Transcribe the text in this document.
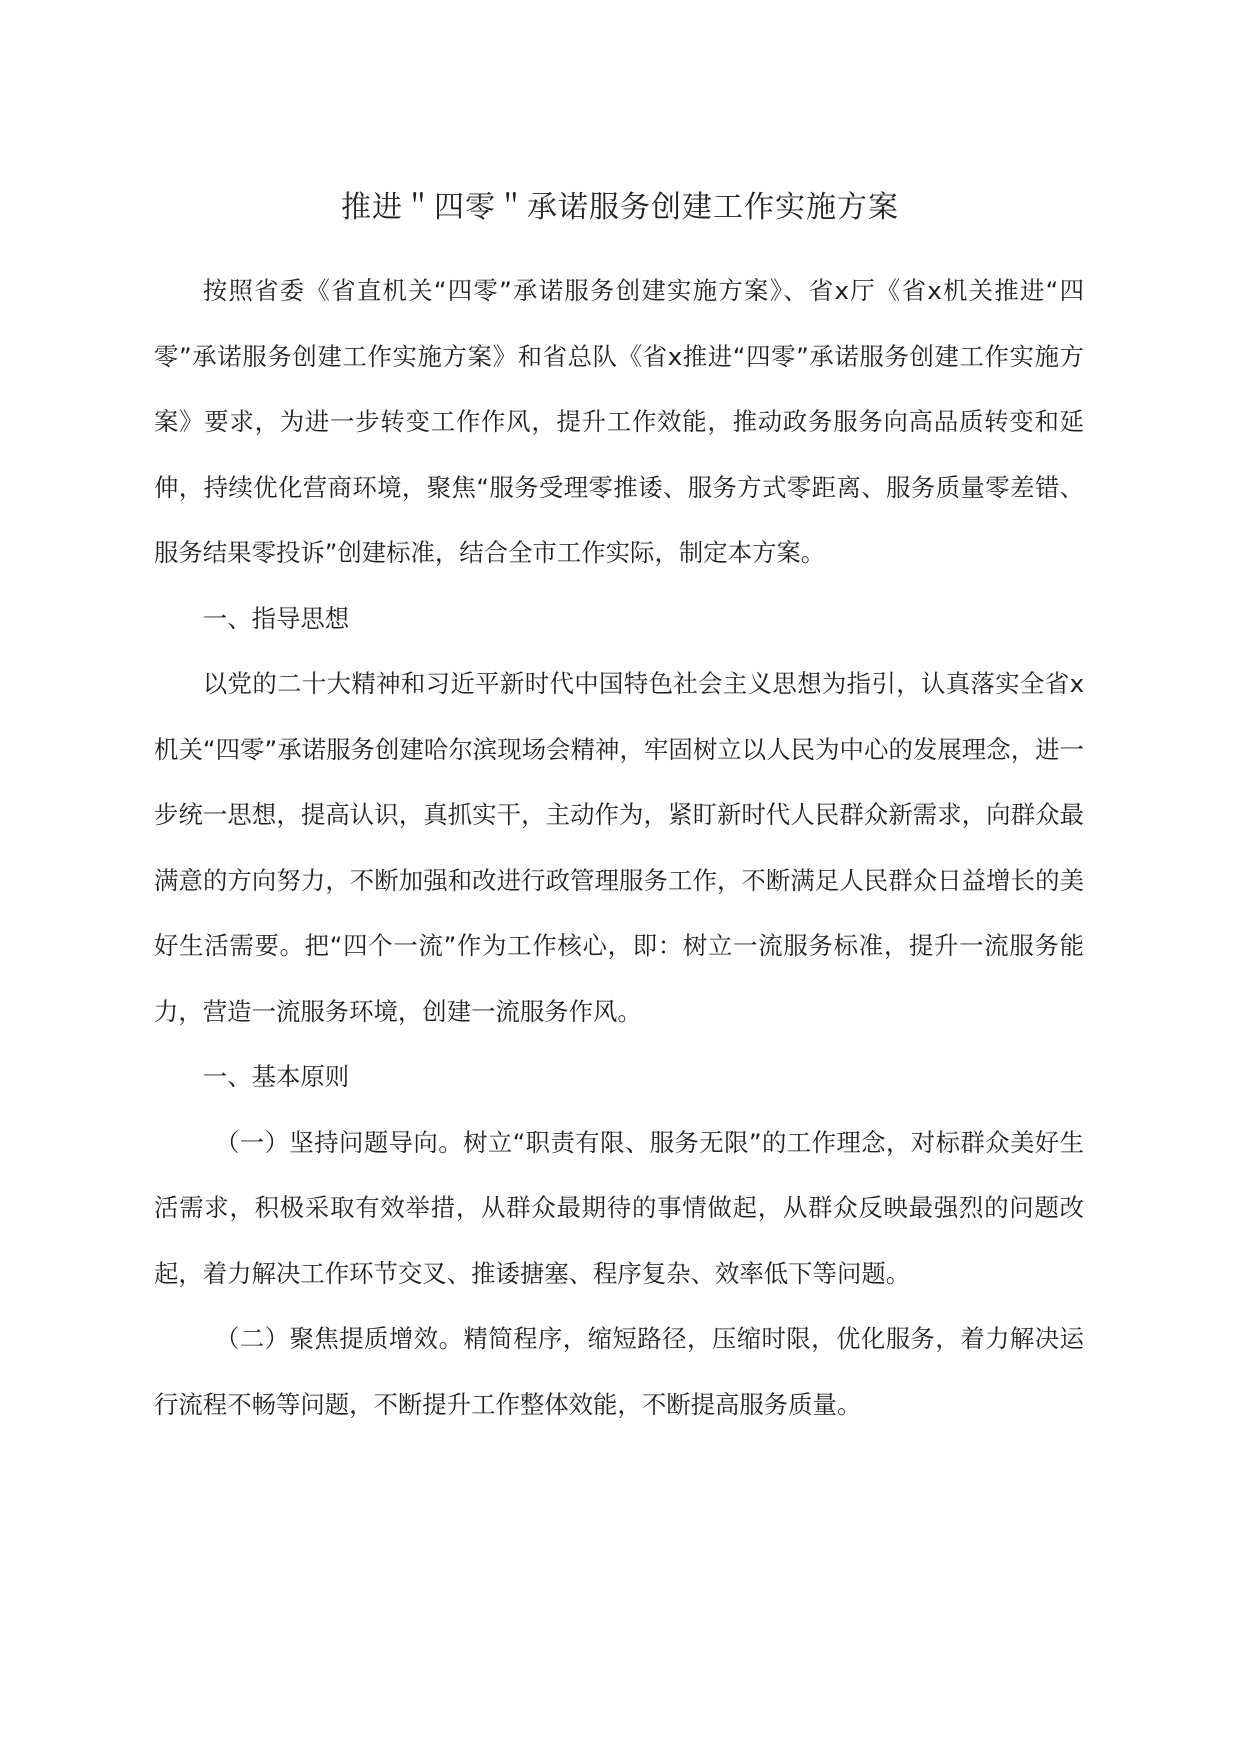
推进＂四零＂承诺服务创建工作实施方案

按照省委《省直机关“四零”承诺服务创建实施方案》、省x厅《省x机关推进“四零”承诺服务创建工作实施方案》和省总队《省x推进“四零”承诺服务创建工作实施方案》要求，为进一步转变工作作风，提升工作效能，推动政务服务向高品质转变和延伸，持续优化营商环境，聚焦“服务受理零推诿、服务方式零距离、服务质量零差错、服务结果零投诉”创建标准，结合全市工作实际，制定本方案。

一、指导思想

以党的二十大精神和习近平新时代中国特色社会主义思想为指引，认真落实全省x机关“四零”承诺服务创建哈尔滨现场会精神，牢固树立以人民为中心的发展理念，进一步统一思想，提高认识，真抓实干，主动作为，紧盯新时代人民群众新需求，向群众最满意的方向努力，不断加强和改进行政管理服务工作，不断满足人民群众日益增长的美好生活需要。把“四个一流”作为工作核心，即：树立一流服务标准，提升一流服务能力，营造一流服务环境，创建一流服务作风。

一、基本原则

（一）坚持问题导向。树立“职责有限、服务无限”的工作理念，对标群众美好生活需求，积极采取有效举措，从群众最期待的事情做起，从群众反映最强烈的问题改起，着力解决工作环节交叉、推诿搪塞、程序复杂、效率低下等问题。

（二）聚焦提质增效。精简程序，缩短路径，压缩时限，优化服务，着力解决运行流程不畅等问题，不断提升工作整体效能，不断提高服务质量。
